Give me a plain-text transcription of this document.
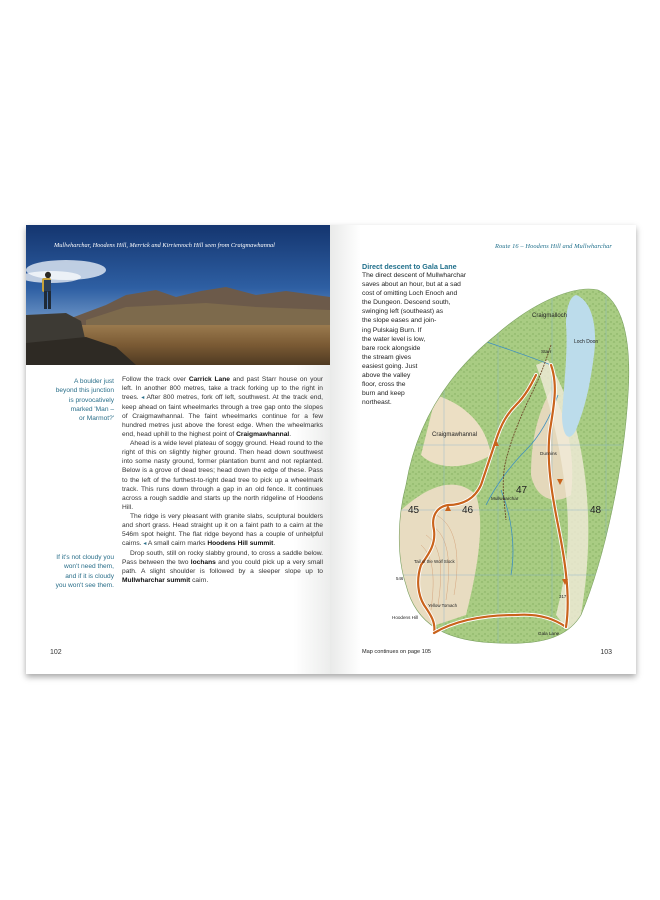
Mullwharchar, Hoodens Hill, Merrick and Kirriereoch Hill seen from Craigmawhannal
A boulder just
beyond this junction
is provocatively
marked 'Man –
or Marmot?'
If it's not cloudy you
won't need them,
and if it is cloudy
you won't see them.

Follow the track over Carrick Lane and past Starr house on your left. In another 800 metres, take a track forking up to the right in trees. ◂ After 800 metres, fork off left, southwest. At the track end, keep ahead on faint wheelmarks through a tree gap onto the slopes of Craigmawhannal. The faint wheelmarks continue for a few hundred metres just above the forest edge. When the wheelmarks end, head uphill to the highest point of Craigmawhannal.

Ahead is a wide level plateau of soggy ground. Head round to the right of this on slightly higher ground. Then head down southwest into some nasty ground, former plantation burnt and not replanted. Below is a grove of dead trees; head down the edge of these. Pass to the left of the furthest-to-right dead tree to pick up a wheelmark track. This runs down through a gap in an old fence. It continues across a rough saddle and starts up the north ridgeline of Hoodens Hill.

The ridge is very pleasant with granite slabs, sculptural boulders and short grass. Head straight up it on a faint path to a cairn at the 546m spot height. The flat ridge beyond has a couple of unhelpful cairns. ◂ A small cairn marks Hoodens Hill summit.

Drop south, still on rocky slabby ground, to cross a saddle below. Pass between the two lochans and you could pick up a very small path. A slight shoulder is followed by a sleeper slope up to Mullwharchar summit cairn.

102
Route 16 – Hoodens Hill and Mullwharchar
Craigmalloch
Starr
Loch Doon
Craigmawhannal
Dunnins
Tail of the Wolf Slock
Yellow Tomach
Hoodens Hill
Mullwharchar
Gala Lane
546
317
45	46
47
48
Direct descent to Gala Lane
The direct descent of Mullwharchar
saves about an hour, but at a sad
cost of omitting Loch Enoch and
the Dungeon. Descend south,
swinging left (southeast) as
the slope eases and join-
ing Pulskaig Burn. If
the water level is low,
bare rock alongside
the stream gives
easiest going. Just
above the valley
floor, cross the
burn and keep
northeast.
Map continues on page 105	103
